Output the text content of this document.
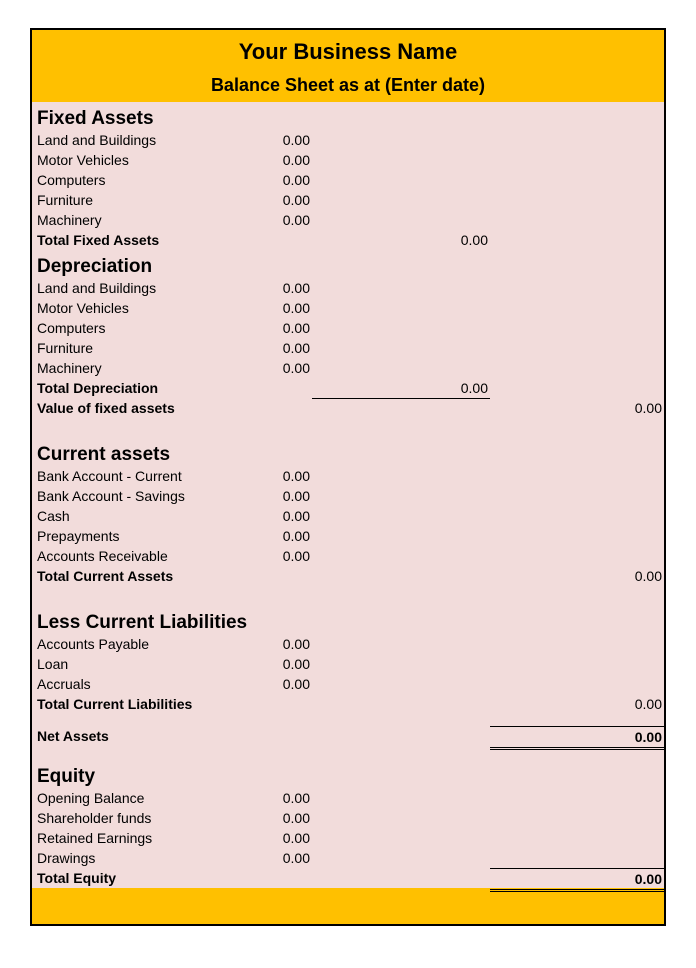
Your Business Name
Balance Sheet as at (Enter date)
Fixed Assets
Land and Buildings	0.00
Motor Vehicles	0.00
Computers	0.00
Furniture	0.00
Machinery	0.00
Total Fixed Assets	0.00
Depreciation
Land and Buildings	0.00
Motor Vehicles	0.00
Computers	0.00
Furniture	0.00
Machinery	0.00
Total Depreciation	0.00
Value of fixed assets	0.00
Current assets
Bank Account - Current	0.00
Bank Account - Savings	0.00
Cash	0.00
Prepayments	0.00
Accounts Receivable	0.00
Total Current Assets	0.00
Less Current Liabilities
Accounts Payable	0.00
Loan	0.00
Accruals	0.00
Total Current Liabilities	0.00
Net Assets	0.00
Equity
Opening Balance	0.00
Shareholder funds	0.00
Retained Earnings	0.00
Drawings	0.00
Total Equity	0.00
